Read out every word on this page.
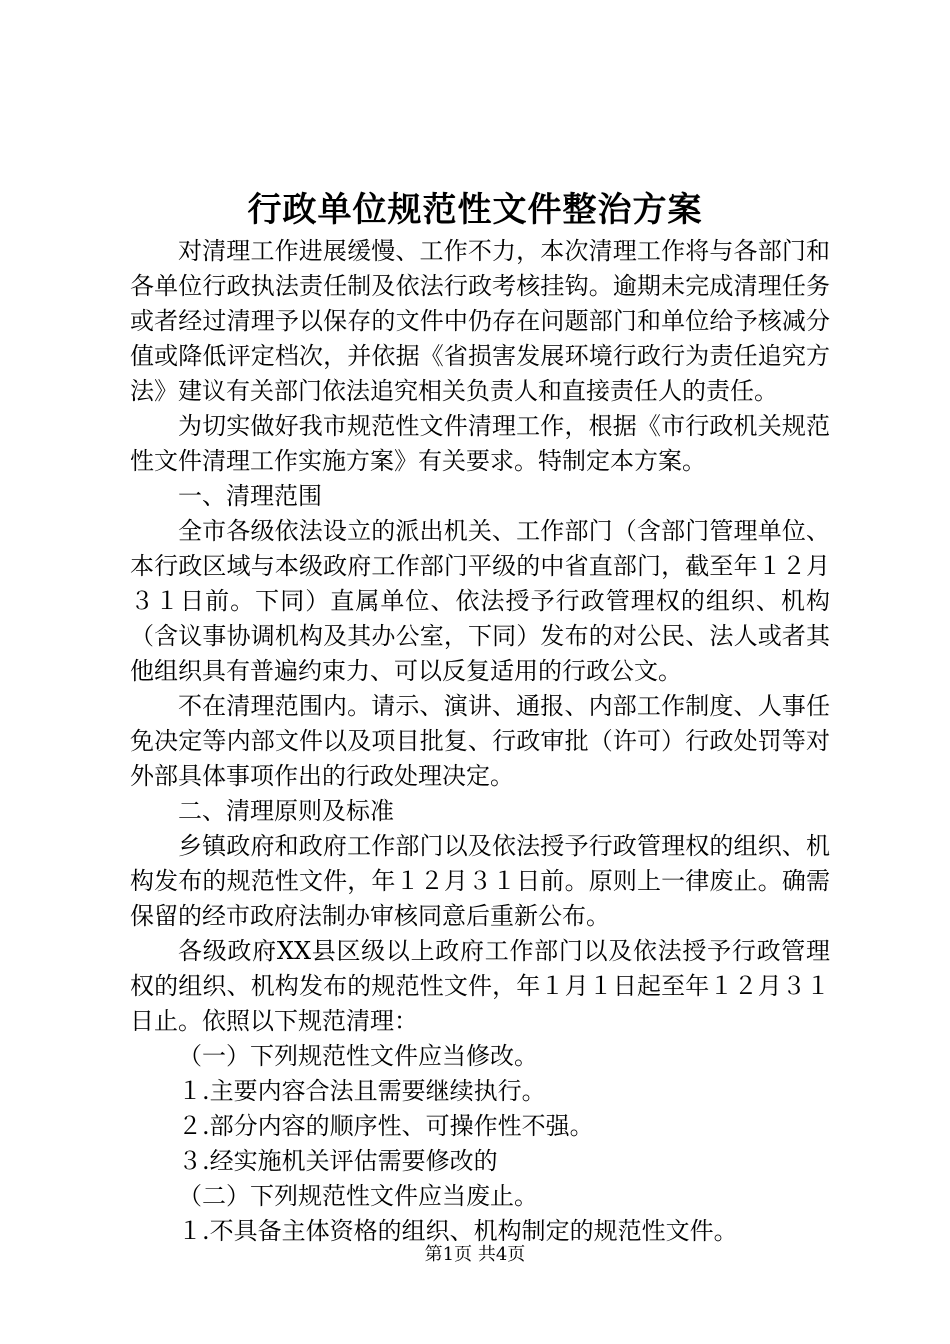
行政单位规范性文件整治方案

对清理工作进展缓慢、工作不力，本次清理工作将与各部门和各单位行政执法责任制及依法行政考核挂钩。逾期未完成清理任务或者经过清理予以保存的文件中仍存在问题部门和单位给予核减分值或降低评定档次，并依据《省损害发展环境行政行为责任追究方法》建议有关部门依法追究相关负责人和直接责任人的责任。

为切实做好我市规范性文件清理工作，根据《市行政机关规范性文件清理工作实施方案》有关要求。特制定本方案。

一、清理范围

全市各级依法设立的派出机关、工作部门（含部门管理单位、本行政区域与本级政府工作部门平级的中省直部门，截至年１２月３１日前。下同）直属单位、依法授予行政管理权的组织、机构（含议事协调机构及其办公室，下同）发布的对公民、法人或者其他组织具有普遍约束力、可以反复适用的行政公文。

不在清理范围内。请示、演讲、通报、内部工作制度、人事任免决定等内部文件以及项目批复、行政审批（许可）行政处罚等对外部具体事项作出的行政处理决定。

二、清理原则及标准

乡镇政府和政府工作部门以及依法授予行政管理权的组织、机构发布的规范性文件，年１２月３１日前。原则上一律废止。确需保留的经市政府法制办审核同意后重新公布。

各级政府XX县区级以上政府工作部门以及依法授予行政管理权的组织、机构发布的规范性文件，年１月１日起至年１２月３１日止。依照以下规范清理：

（一）下列规范性文件应当修改。

１.主要内容合法且需要继续执行。

２.部分内容的顺序性、可操作性不强。

３.经实施机关评估需要修改的

（二）下列规范性文件应当废止。

１.不具备主体资格的组织、机构制定的规范性文件。

第1页 共4页
